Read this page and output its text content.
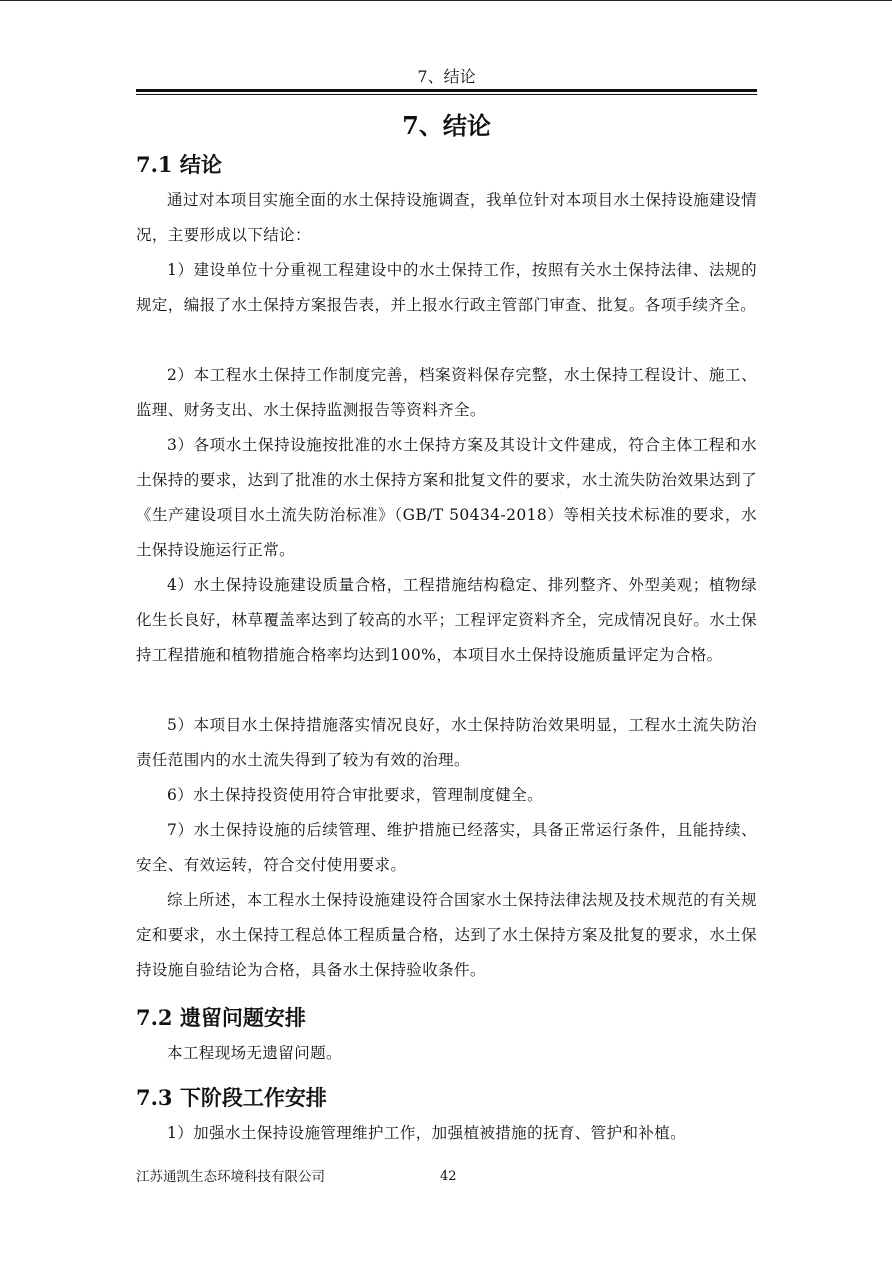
7、结论
7、结论
7.1 结论

通过对本项目实施全面的水土保持设施调查，我单位针对本项目水土保持设施建设情况，主要形成以下结论：

1）建设单位十分重视工程建设中的水土保持工作，按照有关水土保持法律、法规的规定，编报了水土保持方案报告表，并上报水行政主管部门审查、批复。各项手续齐全。

2）本工程水土保持工作制度完善，档案资料保存完整，水土保持工程设计、施工、监理、财务支出、水土保持监测报告等资料齐全。

3）各项水土保持设施按批准的水土保持方案及其设计文件建成，符合主体工程和水土保持的要求，达到了批准的水土保持方案和批复文件的要求，水土流失防治效果达到了《生产建设项目水土流失防治标准》（GB/T 50434-2018）等相关技术标准的要求，水土保持设施运行正常。

4）水土保持设施建设质量合格，工程措施结构稳定、排列整齐、外型美观；植物绿化生长良好，林草覆盖率达到了较高的水平；工程评定资料齐全，完成情况良好。水土保持工程措施和植物措施合格率均达到100%，本项目水土保持设施质量评定为合格。

5）本项目水土保持措施落实情况良好，水土保持防治效果明显，工程水土流失防治责任范围内的水土流失得到了较为有效的治理。

6）水土保持投资使用符合审批要求，管理制度健全。

7）水土保持设施的后续管理、维护措施已经落实，具备正常运行条件，且能持续、安全、有效运转，符合交付使用要求。

综上所述，本工程水土保持设施建设符合国家水土保持法律法规及技术规范的有关规定和要求，水土保持工程总体工程质量合格，达到了水土保持方案及批复的要求，水土保持设施自验结论为合格，具备水土保持验收条件。

7.2 遗留问题安排

本工程现场无遗留问题。

7.3 下阶段工作安排

1）加强水土保持设施管理维护工作，加强植被措施的抚育、管护和补植。

江苏通凯生态环境科技有限公司	42
